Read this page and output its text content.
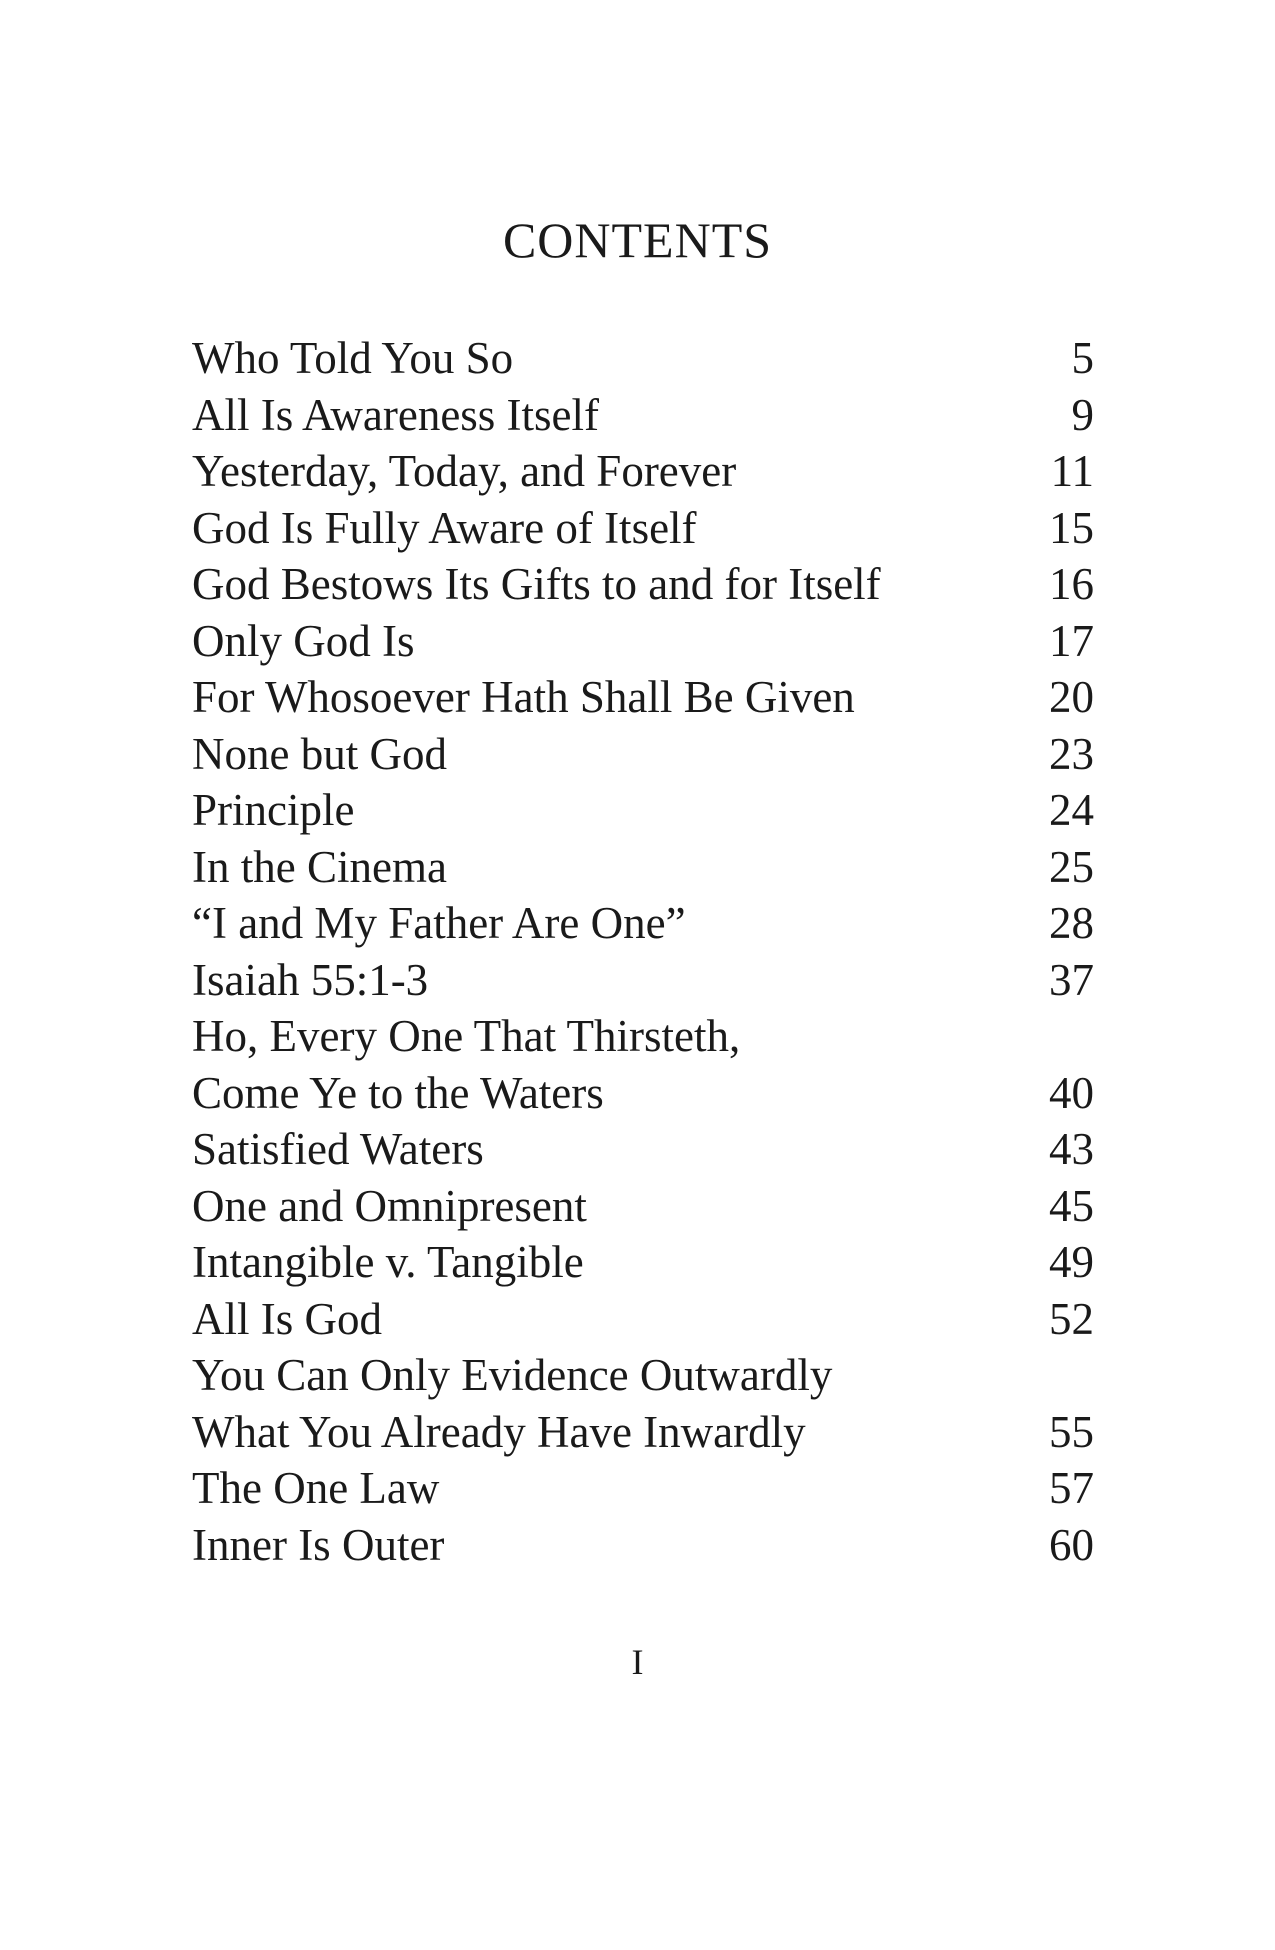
CONTENTS
Who Told You So	5
All Is Awareness Itself	9
Yesterday, Today, and Forever	11
God Is Fully Aware of Itself	15
God Bestows Its Gifts to and for Itself	16
Only God Is	17
For Whosoever Hath Shall Be Given	20
None but God	23
Principle	24
In the Cinema	25
“I and My Father Are One”	28
Isaiah 55:1-3	37
Ho, Every One That Thirsteth,
Come Ye to the Waters	40
Satisfied Waters	43
One and Omnipresent	45
Intangible v. Tangible	49
All Is God	52
You Can Only Evidence Outwardly
What You Already Have Inwardly	55
The One Law	57
Inner Is Outer	60
I
